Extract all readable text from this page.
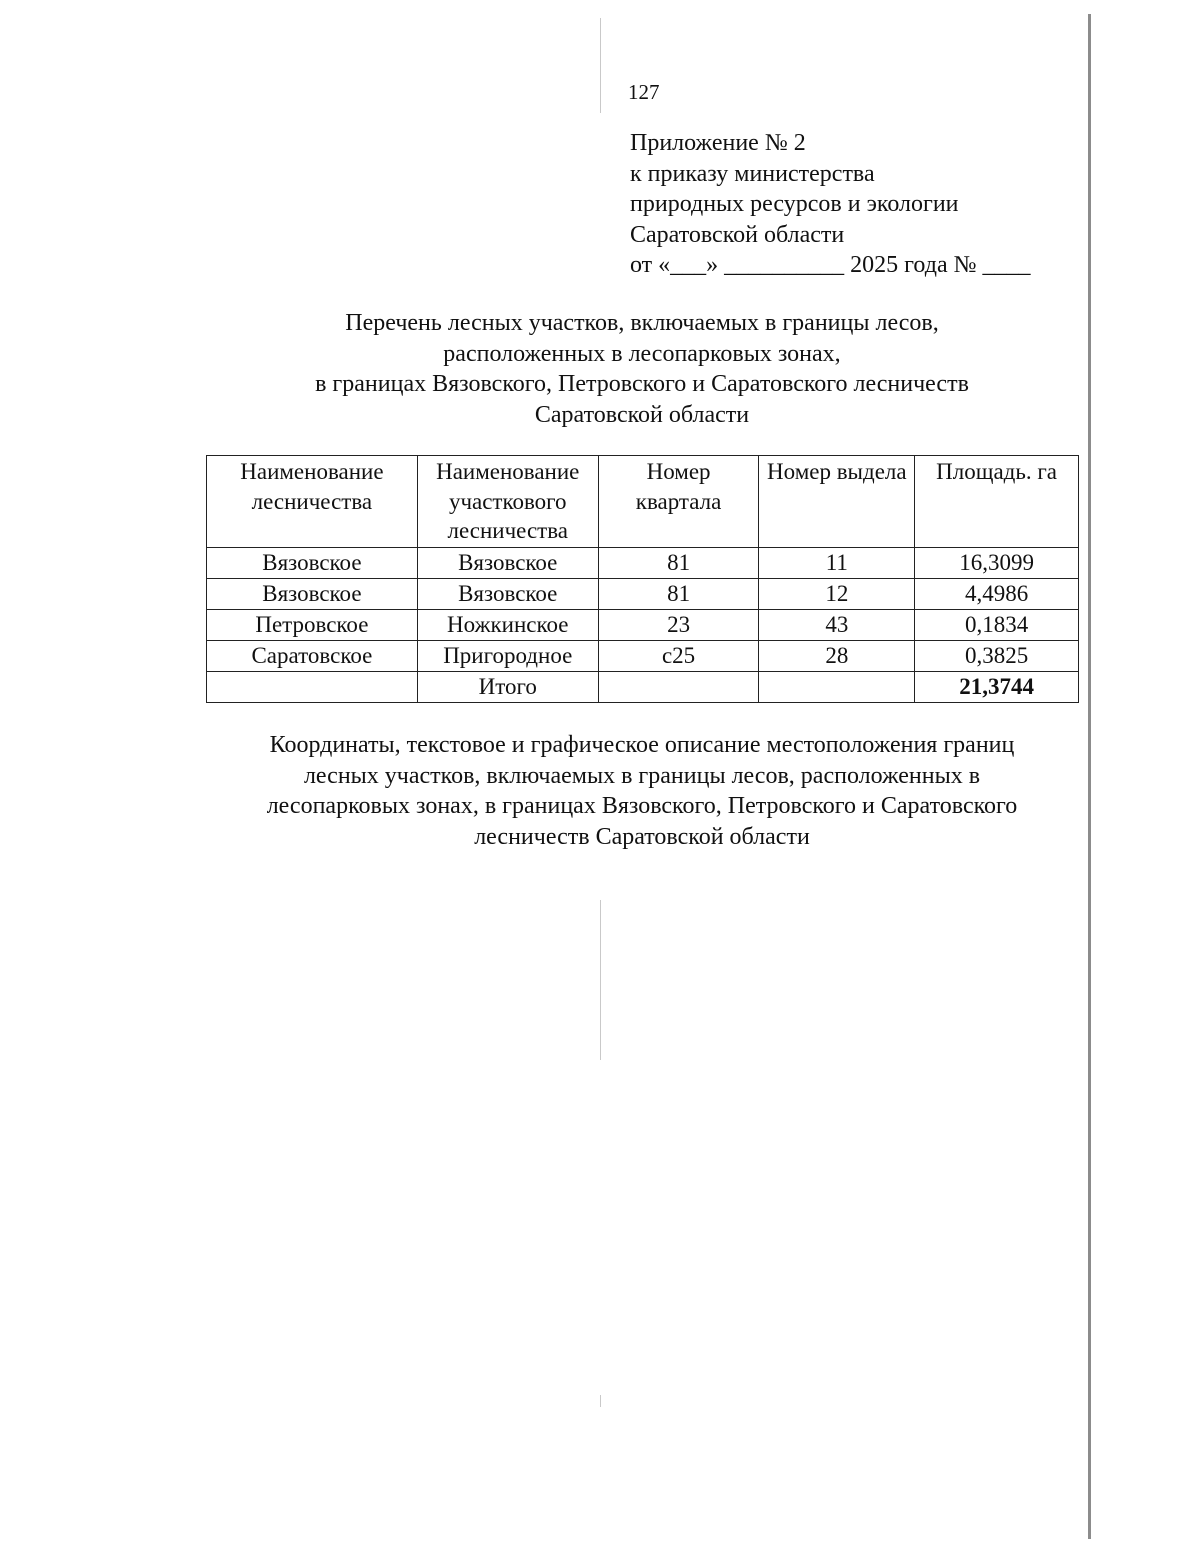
127
Приложение № 2
к приказу министерства
природных ресурсов и экологии
Саратовской области
от «___» __________ 2025 года № ____
Перечень лесных участков, включаемых в границы лесов,
расположенных в лесопарковых зонах,
в границах Вязовского, Петровского и Саратовского лесничеств
Саратовской области
Наименование лесничества	Наименование участкового лесничества	Номер квартала	Номер выдела	Площадь. га
Вязовское	Вязовское	81	11	16,3099
Вязовское	Вязовское	81	12	4,4986
Петровское	Ножкинское	23	43	0,1834
Саратовское	Пригородное	с25	28	0,3825
	Итого			21,3744
Координаты, текстовое и графическое описание местоположения границ
лесных участков, включаемых в границы лесов, расположенных в
лесопарковых зонах, в границах Вязовского, Петровского и Саратовского
лесничеств Саратовской области
